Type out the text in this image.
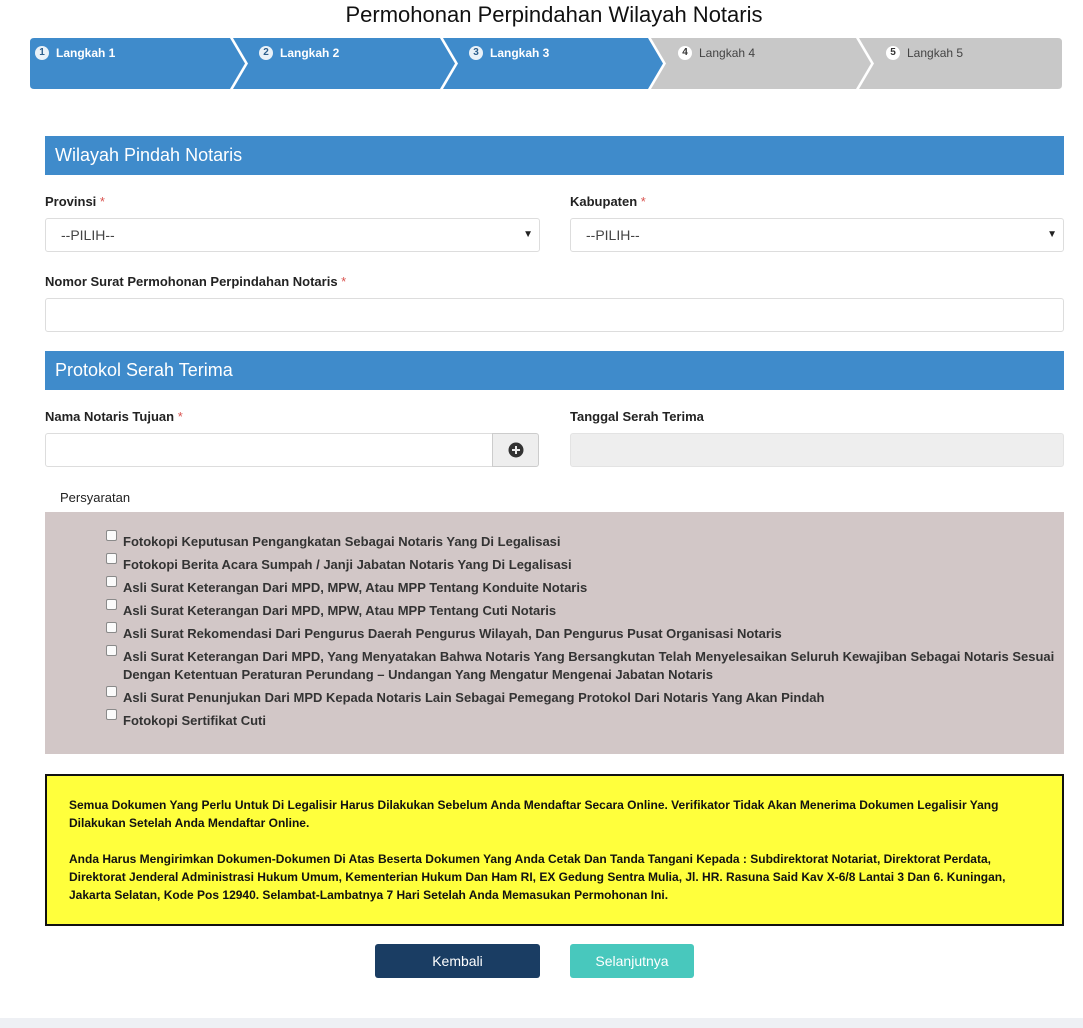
Permohonan Perpindahan Wilayah Notaris
1 Langkah 1	2 Langkah 2	3 Langkah 3	4 Langkah 4	5 Langkah 5
Wilayah Pindah Notaris
Provinsi *
--PILIH--	▼
Kabupaten *
--PILIH--	▼
Nomor Surat Permohonan Perpindahan Notaris *
Protokol Serah Terima
Nama Notaris Tujuan *	Tanggal Serah Terima
Persyaratan
Fotokopi Keputusan Pengangkatan Sebagai Notaris Yang Di Legalisasi
Fotokopi Berita Acara Sumpah / Janji Jabatan Notaris Yang Di Legalisasi
Asli Surat Keterangan Dari MPD, MPW, Atau MPP Tentang Konduite Notaris
Asli Surat Keterangan Dari MPD, MPW, Atau MPP Tentang Cuti Notaris
Asli Surat Rekomendasi Dari Pengurus Daerah Pengurus Wilayah, Dan Pengurus Pusat Organisasi Notaris
Asli Surat Keterangan Dari MPD, Yang Menyatakan Bahwa Notaris Yang Bersangkutan Telah Menyelesaikan Seluruh Kewajiban Sebagai Notaris Sesuai Dengan Ketentuan Peraturan Perundang – Undangan Yang Mengatur Mengenai Jabatan Notaris
Asli Surat Penunjukan Dari MPD Kepada Notaris Lain Sebagai Pemegang Protokol Dari Notaris Yang Akan Pindah
Fotokopi Sertifikat Cuti

Semua Dokumen Yang Perlu Untuk Di Legalisir Harus Dilakukan Sebelum Anda Mendaftar Secara Online. Verifikator Tidak Akan Menerima Dokumen Legalisir Yang Dilakukan Setelah Anda Mendaftar Online.

Anda Harus Mengirimkan Dokumen-Dokumen Di Atas Beserta Dokumen Yang Anda Cetak Dan Tanda Tangani Kepada : Subdirektorat Notariat, Direktorat Perdata, Direktorat Jenderal Administrasi Hukum Umum, Kementerian Hukum Dan Ham RI, EX Gedung Sentra Mulia, Jl. HR. Rasuna Said Kav X-6/8 Lantai 3 Dan 6. Kuningan, Jakarta Selatan, Kode Pos 12940. Selambat-Lambatnya 7 Hari Setelah Anda Memasukan Permohonan Ini.

Kembali	Selanjutnya
